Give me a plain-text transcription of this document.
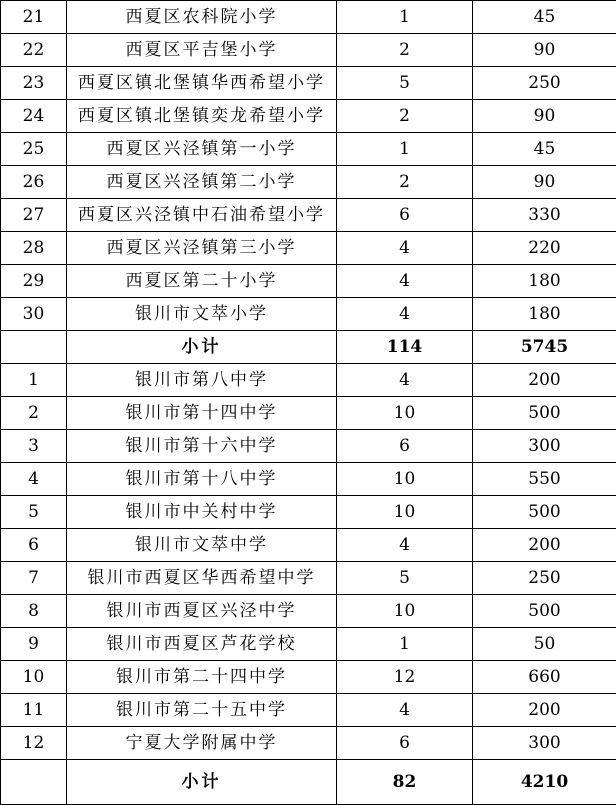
21	西夏区农科院小学	1	45
22	西夏区平吉堡小学	2	90
23	西夏区镇北堡镇华西希望小学	5	250
24	西夏区镇北堡镇奕龙希望小学	2	90
25	西夏区兴泾镇第一小学	1	45
26	西夏区兴泾镇第二小学	2	90
27	西夏区兴泾镇中石油希望小学	6	330
28	西夏区兴泾镇第三小学	4	220
29	西夏区第二十小学	4	180
30	银川市文萃小学	4	180
	小计	114	5745
1	银川市第八中学	4	200
2	银川市第十四中学	10	500
3	银川市第十六中学	6	300
4	银川市第十八中学	10	550
5	银川市中关村中学	10	500
6	银川市文萃中学	4	200
7	银川市西夏区华西希望中学	5	250
8	银川市西夏区兴泾中学	10	500
9	银川市西夏区芦花学校	1	50
10	银川市第二十四中学	12	660
11	银川市第二十五中学	4	200
12	宁夏大学附属中学	6	300
	小计	82	4210
